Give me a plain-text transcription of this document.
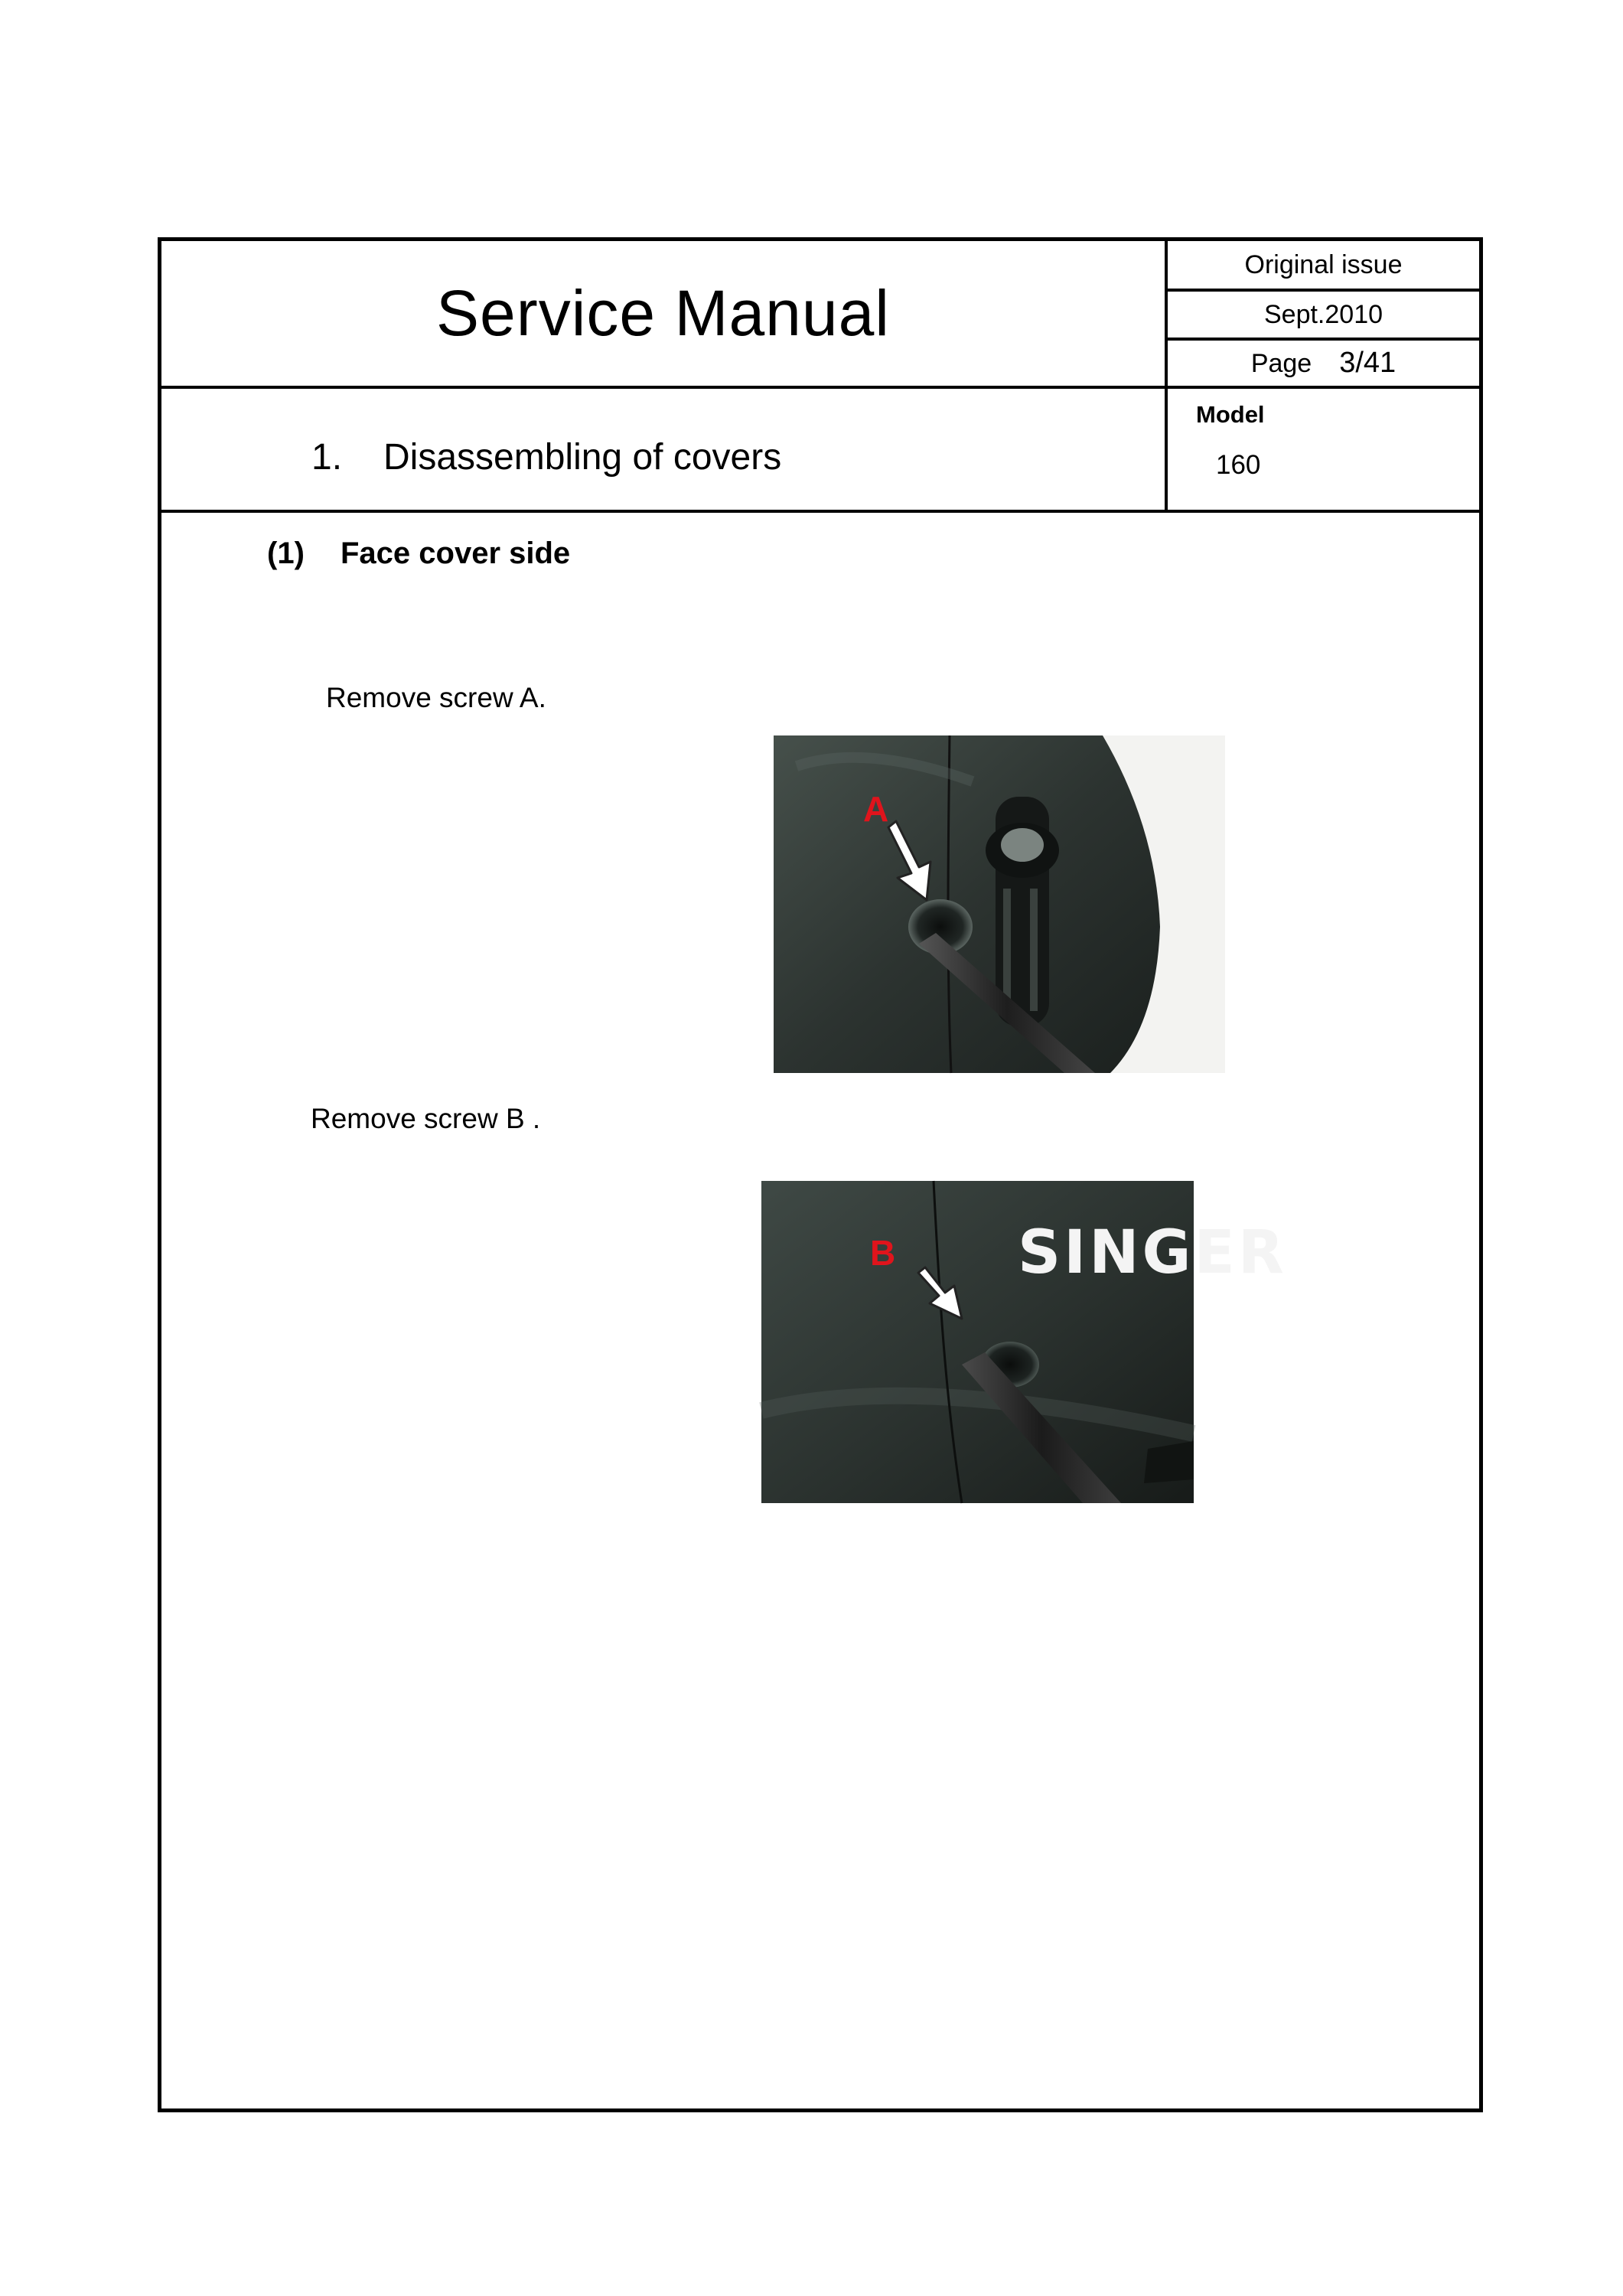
Service Manual
Original issue
Sept.2010
Page 3/41
1. Disassembling of covers
Model
160
(1) Face cover side
Remove screw A.
A
Remove screw B .
SINGER
B
